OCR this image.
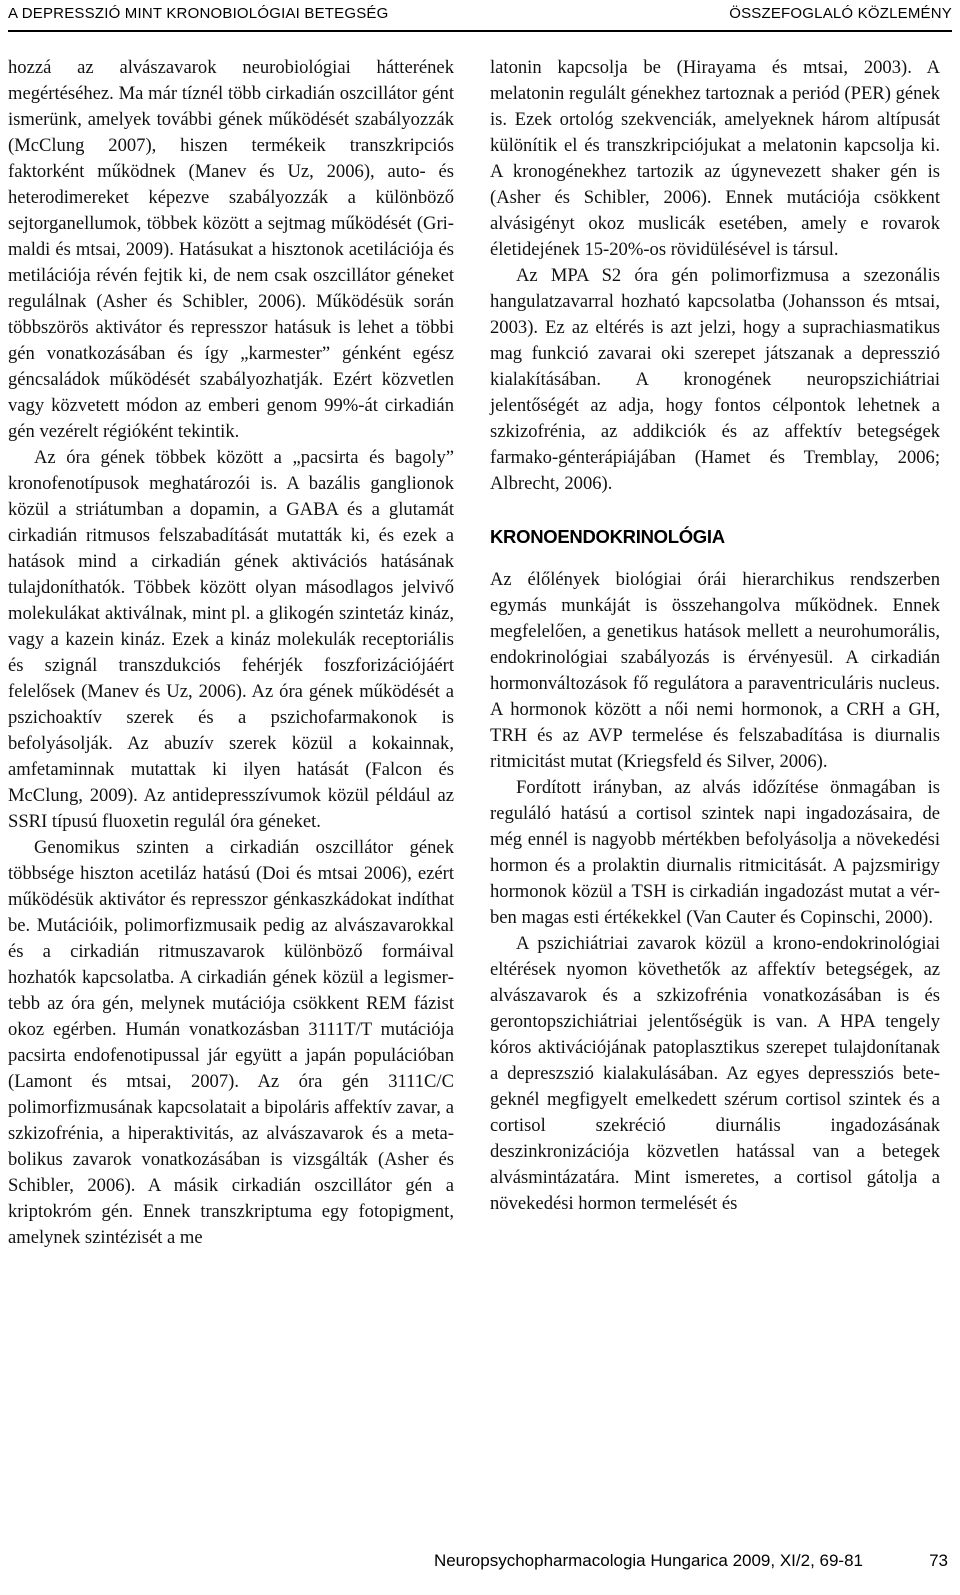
A DEPRESSZIÓ MINT KRONOBIOLÓGIAI BETEGSÉG	ÖSSZEFOGLALÓ KÖZLEMÉNY

hozzá az alvászavarok neurobiológiai hátterének megértéséhez. Ma már tíznél több cirkadián oszcillátor gént ismerünk, amelyek további gének működését szabályozzák (McClung 2007), hiszen termékeik transzkripciós faktorként működnek (Manev és Uz, 2006), auto- és heterodimereket képezve szabályozzák a különböző sejtorganellumok, többek között a sejtmag működését (Grimaldi és mtsai, 2009). Hatásukat a hisztonok acetilációja és metilációja révén fejtik ki, de nem csak oszcillátor géneket regulálnak (Asher és Schibler, 2006). Működésük során többszörös aktivátor és represszor hatásuk is lehet a többi gén vonatkozásában és így „karmester” génként egész géncsaládok működését szabályozhatják. Ezért közvetlen vagy közvetett módon az emberi genom 99%-át cirkadián gén vezérelt régióként tekintik.

Az óra gének többek között a „pacsirta és bagoly” kronofenotípusok meghatározói is. A bazális ganglionok közül a striátumban a dopamin, a GABA és a glutamát cirkadián ritmusos felszabadítását mutatták ki, és ezek a hatások mind a cirkadián gének aktivációs hatásának tulajdoníthatók. Többek között olyan másodlagos jelvivő molekulákat aktiválnak, mint pl. a glikogén szintetáz kináz, vagy a kazein kináz. Ezek a kináz molekulák receptoriális és szignál transzdukciós fehérjék foszforizációjáért felelősek (Manev és Uz, 2006). Az óra gének működését a pszichoaktív szerek és a pszichofarmakonok is befolyásolják. Az abuzív szerek közül a kokainnak, amfetaminnak mutattak ki ilyen hatását (Falcon és McClung, 2009). Az antidepresszívumok közül például az SSRI típusú fluoxetin regulál óra géneket.

Genomikus szinten a cirkadián oszcillátor gének többsége hiszton acetiláz hatású (Doi és mtsai 2006), ezért működésük aktivátor és represszor génkaszkádokat indíthat be. Mutációik, polimorfizmusaik pedig az alvászavarokkal és a cirkadián ritmuszavarok különböző formáival hozhatók kapcsolatba. A cirkadián gének közül a legismertebb az óra gén, melynek mutációja csökkent REM fázist okoz egérben. Humán vonatkozásban 3111T/T mutációja pacsirta endofenotipussal jár együtt a japán populációban (Lamont és mtsai, 2007). Az óra gén 3111C/C polimorfizmusának kapcsolatait a bipoláris affektív zavar, a szkizofrénia, a hiperaktivitás, az alvászavarok és a metabolikus zavarok vonatkozásában is vizsgálták (Asher és Schibler, 2006). A másik cirkadián oszcillátor gén a kriptokróm gén. Ennek transzkriptuma egy fotopigment, amelynek szintézisét a me

latonin kapcsolja be (Hirayama és mtsai, 2003). A melatonin regulált génekhez tartoznak a periód (PER) gének is. Ezek ortológ szekvenciák, amelyeknek három altípusát különítik el és transzkripciójukat a melatonin kapcsolja ki. A kronogénekhez tartozik az úgynevezett shaker gén is (Asher és Schibler, 2006). Ennek mutációja csökkent alvásigényt okoz muslicák esetében, amely e rovarok életidejének 15-20%-os rövidülésével is társul.

Az MPA S2 óra gén polimorfizmusa a szezonális hangulatzavarral hozható kapcsolatba (Johansson és mtsai, 2003). Ez az eltérés is azt jelzi, hogy a suprachiasmatikus mag funkció zavarai oki szerepet játszanak a depresszió kialakításában. A kronogének neuropszichiátriai jelentőségét az adja, hogy fontos célpontok lehetnek a szkizofrénia, az addikciók és az affektív betegségek farmako-génterápiájában (Hamet és Tremblay, 2006; Albrecht, 2006).

KRONOENDOKRINOLÓGIA

Az élőlények biológiai órái hierarchikus rendszerben egymás munkáját is összehangolva működnek. Ennek megfelelően, a genetikus hatások mellett a neurohumorális, endokrinológiai szabályozás is érvényesül. A cirkadián hormonváltozások fő regulátora a paraventriculáris nucleus. A hormonok között a női nemi hormonok, a CRH a GH, TRH és az AVP termelése és felszabadítása is diurnalis ritmicitást mutat (Kriegsfeld és Silver, 2006).

Fordított irányban, az alvás időzítése önmagában is reguláló hatású a cortisol szintek napi ingadozásaira, de még ennél is nagyobb mértékben befolyásolja a növekedési hormon és a prolaktin diurnalis ritmicitását. A pajzsmirigy hormonok közül a TSH is cirkadián ingadozást mutat a vérben magas esti értékekkel (Van Cauter és Copinschi, 2000).

A pszichiátriai zavarok közül a krono-endokrinológiai eltérések nyomon követhetők az affektív betegségek, az alvászavarok és a szkizofrénia vonatkozásában is és gerontopszichiátriai jelentőségük is van. A HPA tengely kóros aktivációjának patoplasztikus szerepet tulajdonítanak a depreszszió kialakulásában. Az egyes depressziós betegeknél megfigyelt emelkedett szérum cortisol szintek és a cortisol szekréció diurnális ingadozásának deszinkronizációja közvetlen hatással van a betegek alvásmintázatára. Mint ismeretes, a cortisol gátolja a növekedési hormon termelését és

Neuropsychopharmacologia Hungarica 2009, XI/2, 69-81	73
